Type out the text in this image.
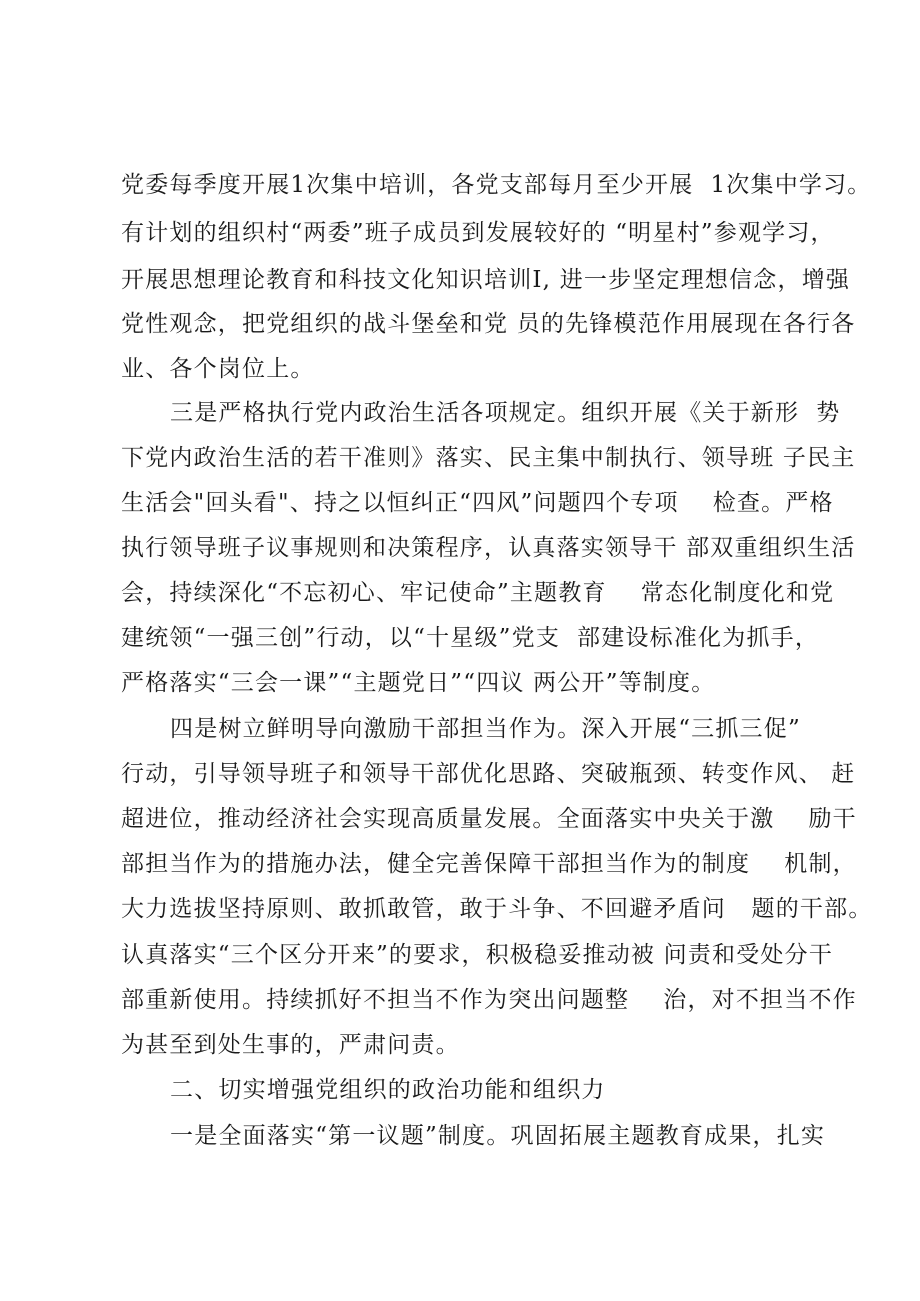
党委每季度开展1次集中培训，各党支部每月至少开展  1次集中学习。
有计划的组织村“两委”班子成员到发展较好的 “明星村”参观学习，
开展思想理论教育和科技文化知识培训I, 进一步坚定理想信念，增强
党性观念，把党组织的战斗堡垒和党 员的先锋模范作用展现在各行各
业、各个岗位上。
三是严格执行党内政治生活各项规定。组织开展《关于新形  势
下党内政治生活的若干准则》落实、民主集中制执行、领导班 子民主
生活会"回头看"、持之以恒纠正“四风”问题四个专项    检查。严格
执行领导班子议事规则和决策程序，认真落实领导干 部双重组织生活
会，持续深化“不忘初心、牢记使命”主题教育    常态化制度化和党
建统领“一强三创”行动，以“十星级”党支  部建设标准化为抓手，
严格落实“三会一课”“主题党日”“四议 两公开”等制度。
四是树立鲜明导向激励干部担当作为。深入开展“三抓三促”
行动，引导领导班子和领导干部优化思路、突破瓶颈、转变作风、 赶
超进位，推动经济社会实现高质量发展。全面落实中央关于激    励干
部担当作为的措施办法，健全完善保障干部担当作为的制度    机制，
大力选拔坚持原则、敢抓敢管，敢于斗争、不回避矛盾问   题的干部。
认真落实“三个区分开来”的要求，积极稳妥推动被 问责和受处分干
部重新使用。持续抓好不担当不作为突出问题整    治，对不担当不作
为甚至到处生事的，严肃问责。
二、切实增强党组织的政治功能和组织力
一是全面落实“第一议题”制度。巩固拓展主题教育成果，扎实
